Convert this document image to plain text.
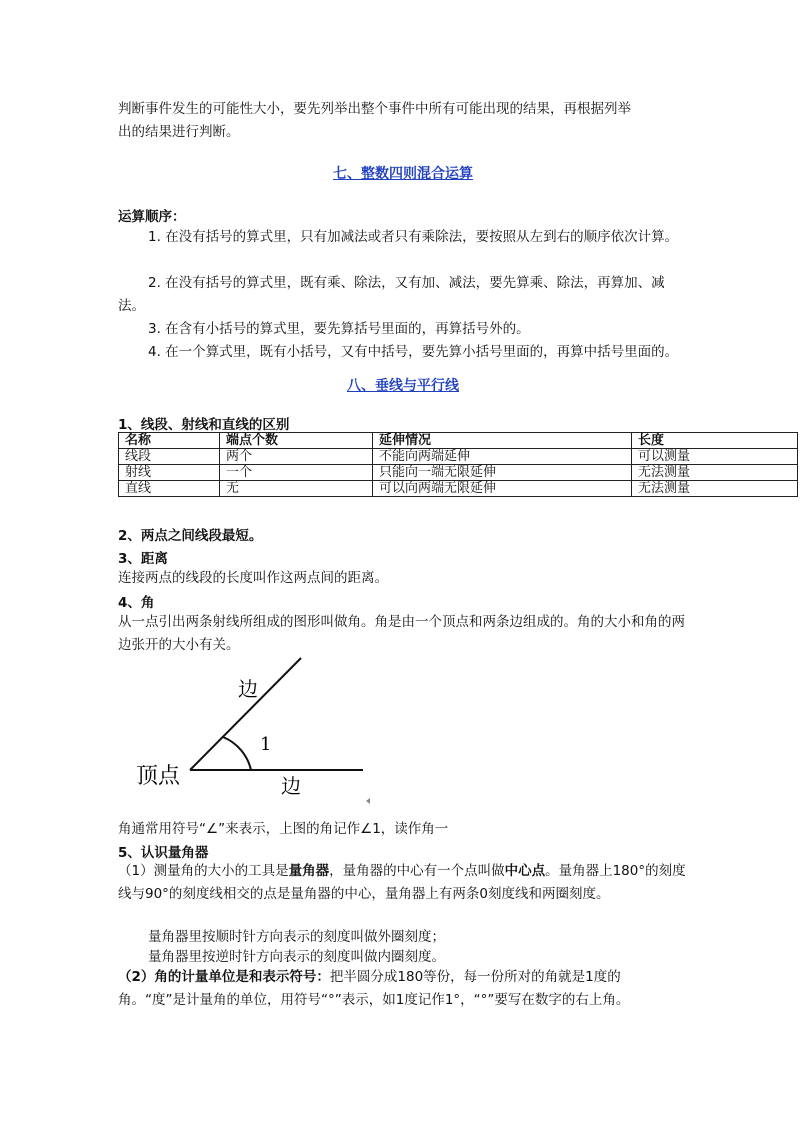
判断事件发生的可能性大小，要先列举出整个事件中所有可能出现的结果，再根据列举
出的结果进行判断。

七、整数四则混合运算

运算顺序：

1. 在没有括号的算式里，只有加减法或者只有乘除法，要按照从左到右的顺序依次计算。

2. 在没有括号的算式里，既有乘、除法，又有加、减法，要先算乘、除法，再算加、减法。

3. 在含有小括号的算式里，要先算括号里面的，再算括号外的。

4. 在一个算式里，既有小括号，又有中括号，要先算小括号里面的，再算中括号里面的。

八、垂线与平行线

1、线段、射线和直线的区别

名称	端点个数	延伸情况	长度
线段	两个	不能向两端延伸	可以测量
射线	一个	只能向一端无限延伸	无法测量
直线	无	可以向两端无限延伸	无法测量

2、两点之间线段最短。

3、距离

连接两点的线段的长度叫作这两点间的距离。

4、角

从一点引出两条射线所组成的图形叫做角。角是由一个顶点和两条边组成的。角的大小和角的两边张开的大小有关。

边
1
顶点	边

角通常用符号“∠”来表示，上图的角记作∠1，读作角一

5、认识量角器

（1）测量角的大小的工具是量角器，量角器的中心有一个点叫做中心点。量角器上180°的刻度线与90°的刻度线相交的点是量角器的中心，量角器上有两条0刻度线和两圈刻度。

量角器里按顺时针方向表示的刻度叫做外圈刻度；

量角器里按逆时针方向表示的刻度叫做内圈刻度。

（2）角的计量单位是和表示符号：把半圆分成180等份，每一份所对的角就是1度的角。“度”是计量角的单位，用符号“°”表示，如1度记作1°，“°”要写在数字的右上角。
